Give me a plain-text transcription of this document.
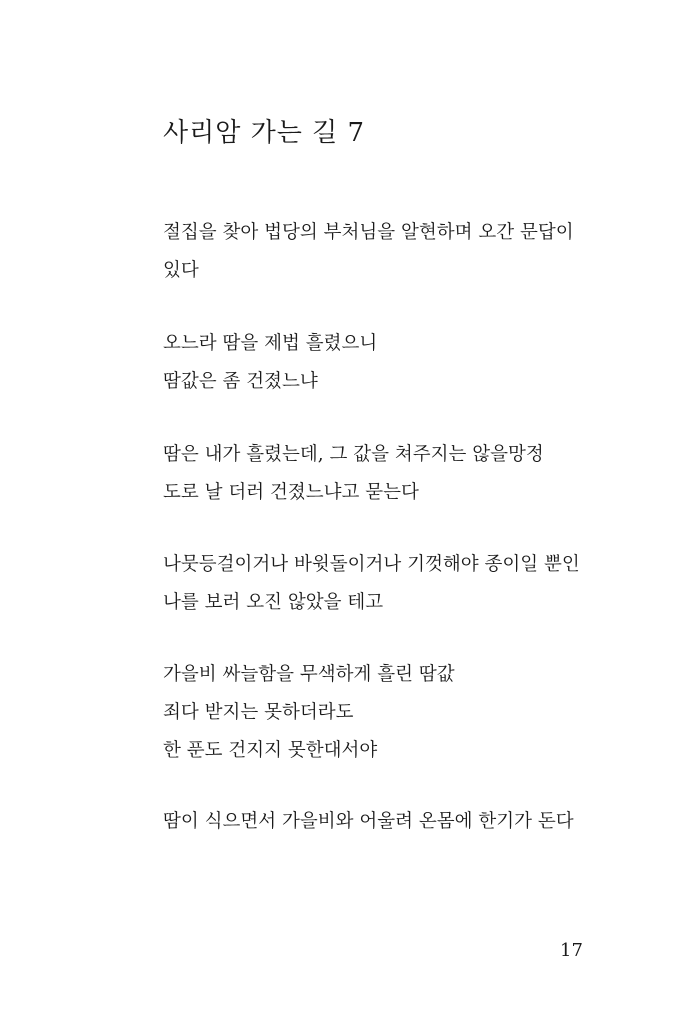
사리암 가는 길 7
절집을 찾아 법당의 부처님을 알현하며 오간 문답이
있다
오느라 땀을 제법 흘렸으니
땀값은 좀 건졌느냐
땀은 내가 흘렸는데, 그 값을 쳐주지는 않을망정
도로 날 더러 건졌느냐고 묻는다
나뭇등걸이거나 바윗돌이거나 기껏해야 종이일 뿐인
나를 보러 오진 않았을 테고
가을비 싸늘함을 무색하게 흘린 땀값
죄다 받지는 못하더라도
한 푼도 건지지 못한대서야
땀이 식으면서 가을비와 어울려 온몸에 한기가 돈다
17
